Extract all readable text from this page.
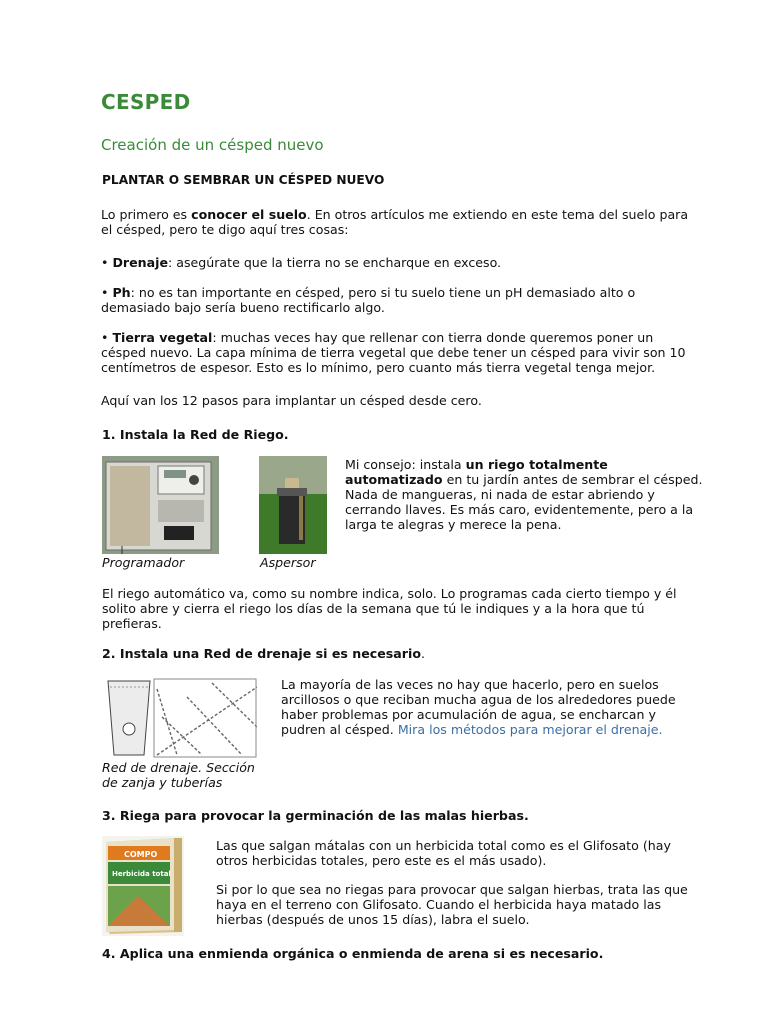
CESPED
Creación de un césped nuevo
PLANTAR O SEMBRAR UN CÉSPED NUEVO
Lo primero es conocer el suelo. En otros artículos me extiendo en este tema del suelo para
el césped, pero te digo aquí tres cosas:
• Drenaje: asegúrate que la tierra no se encharque en exceso.
• Ph: no es tan importante en césped, pero si tu suelo tiene un pH demasiado alto o
demasiado bajo sería bueno rectificarlo algo.
• Tierra vegetal: muchas veces hay que rellenar con tierra donde queremos poner un
césped nuevo. La capa mínima de tierra vegetal que debe tener un césped para vivir son 10
centímetros de espesor. Esto es lo mínimo, pero cuanto más tierra vegetal tenga mejor.
Aquí van los 12 pasos para implantar un césped desde cero.
1. Instala la Red de Riego.
Programador	Aspersor
Mi consejo: instala un riego totalmente
automatizado en tu jardín antes de sembrar el césped.
Nada de mangueras, ni nada de estar abriendo y
cerrando llaves. Es más caro, evidentemente, pero a la
larga te alegras y merece la pena.
El riego automático va, como su nombre indica, solo. Lo programas cada cierto tiempo y él
solito abre y cierra el riego los días de la semana que tú le indiques y a la hora que tú
prefieras.
2. Instala una Red de drenaje si es necesario.
Red de drenaje. Sección
de zanja y tuberías
La mayoría de las veces no hay que hacerlo, pero en suelos
arcillosos o que reciban mucha agua de los alrededores puede
haber problemas por acumulación de agua, se encharcan y
pudren al césped. Mira los métodos para mejorar el drenaje.
3. Riega para provocar la germinación de las malas hierbas.
COMPO
Herbicida total
Las que salgan mátalas con un herbicida total como es el Glifosato (hay
otros herbicidas totales, pero este es el más usado).
Si por lo que sea no riegas para provocar que salgan hierbas, trata las que
haya en el terreno con Glifosato. Cuando el herbicida haya matado las
hierbas (después de unos 15 días), labra el suelo.
4. Aplica una enmienda orgánica o enmienda de arena si es necesario.
